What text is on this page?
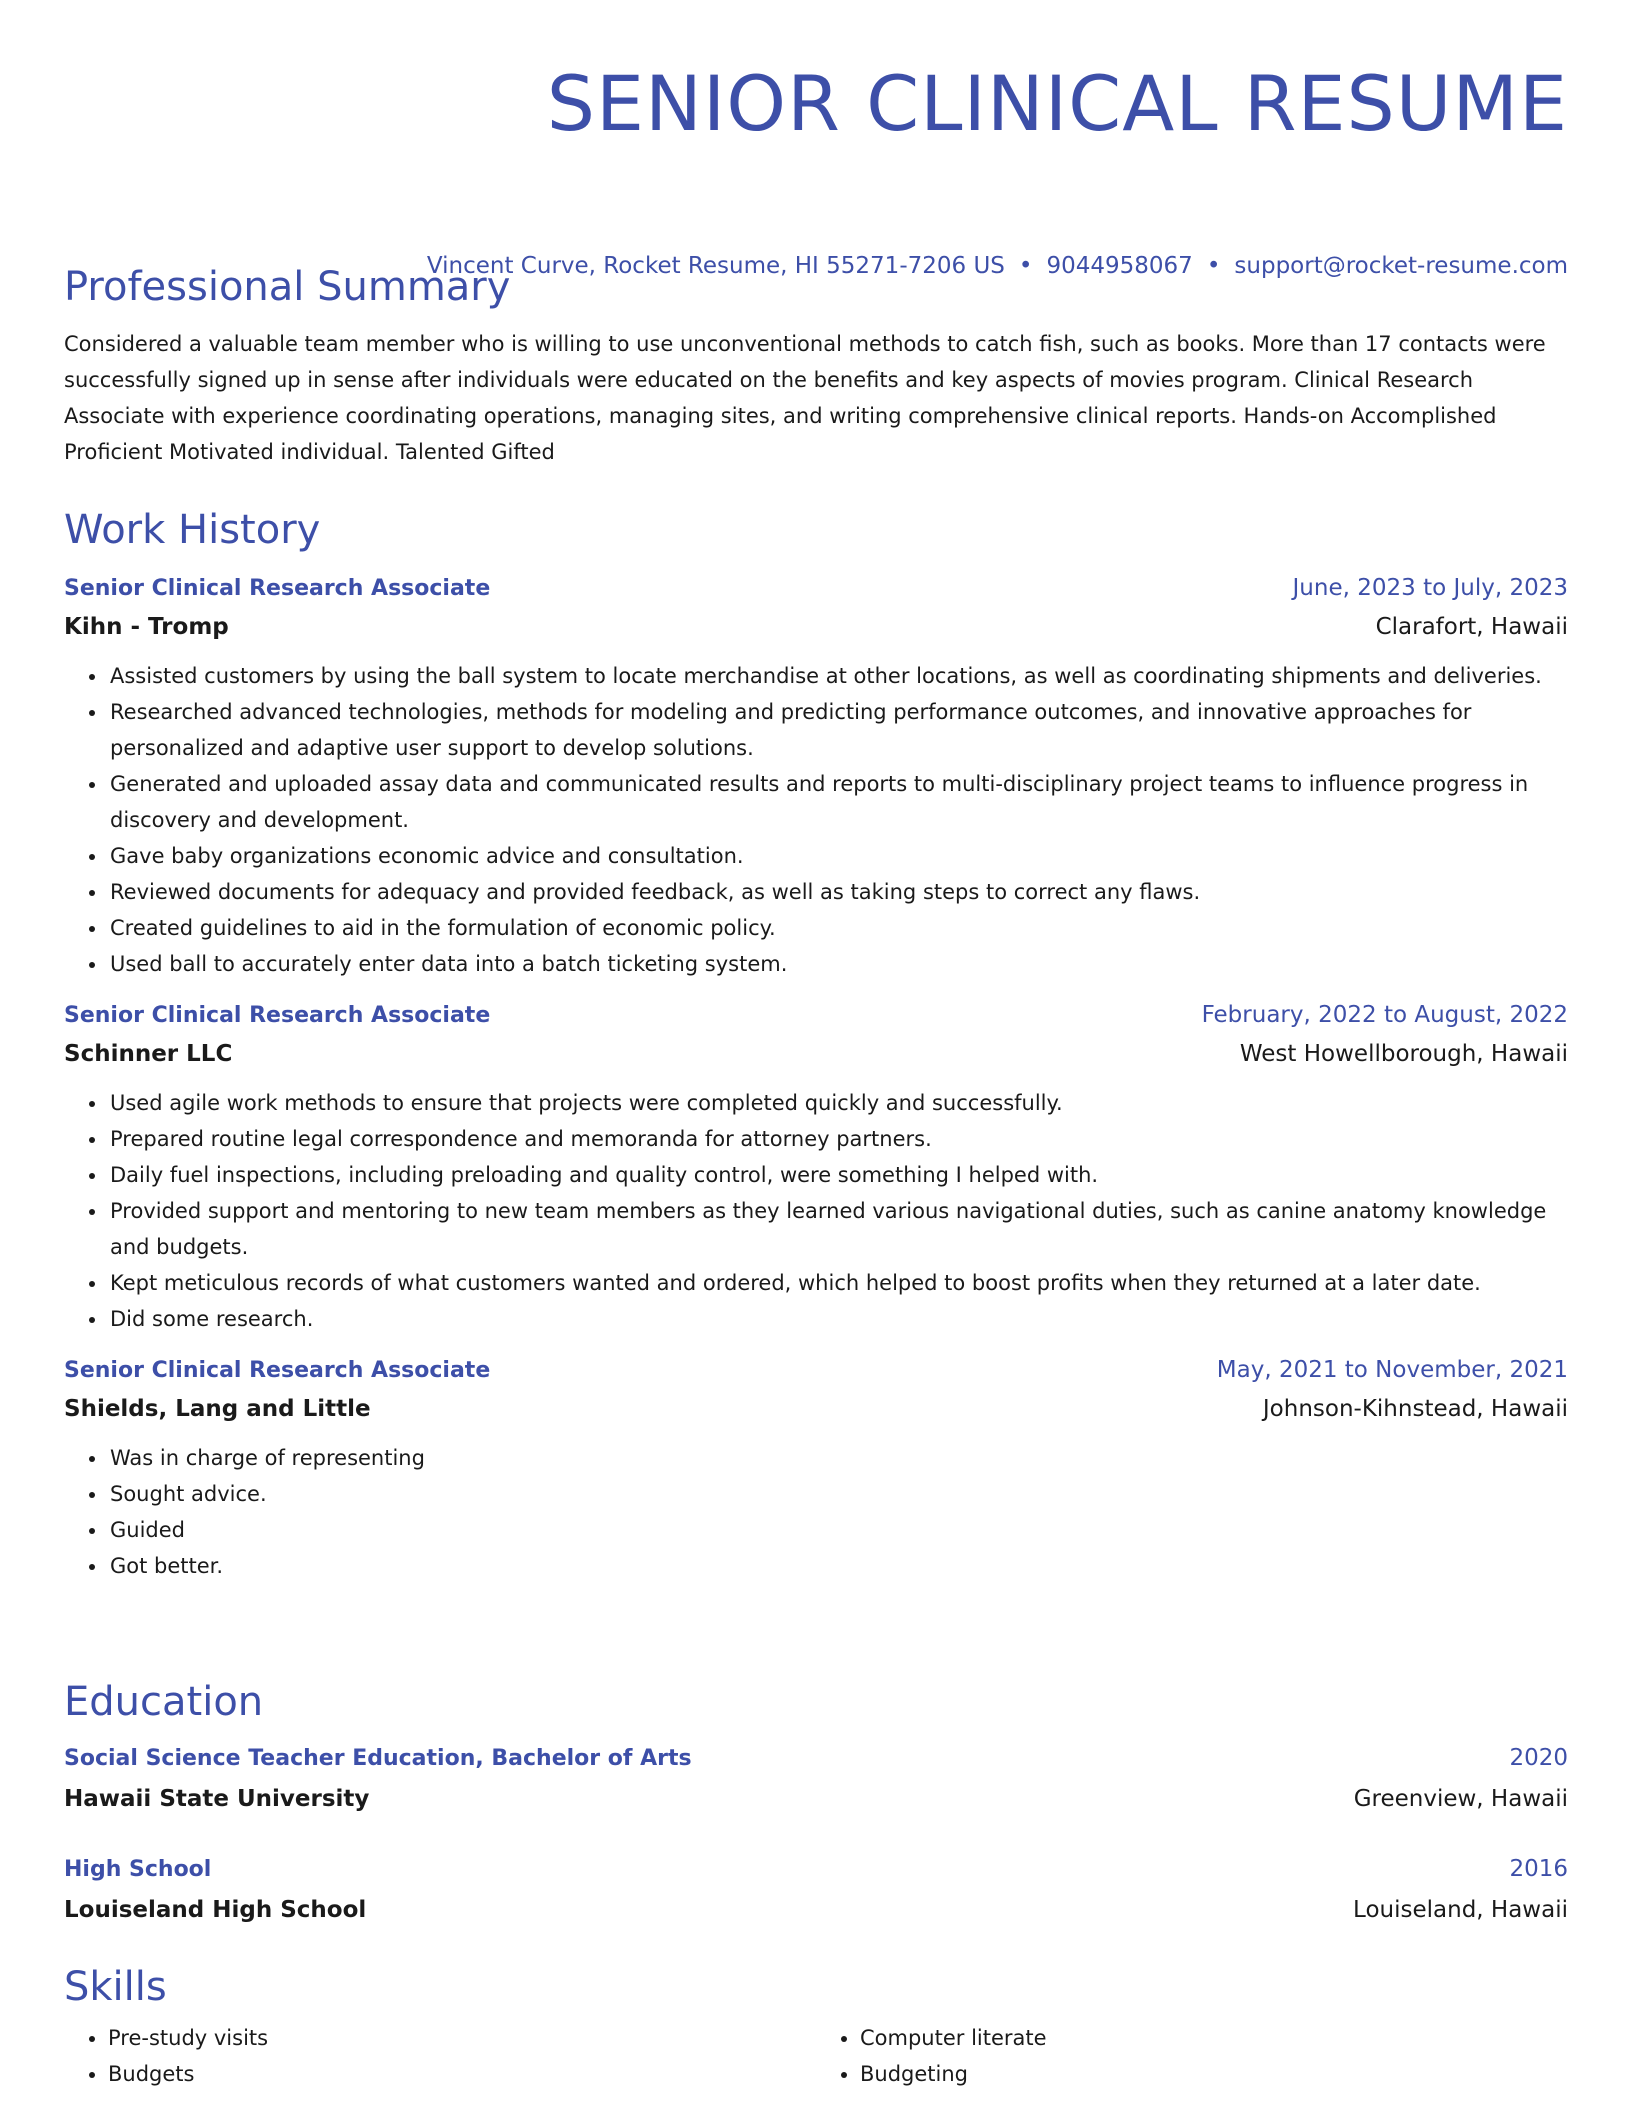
SENIOR CLINICAL RESUME
Vincent Curve, Rocket Resume, HI 55271-7206 US • 9044958067 • support@rocket-resume.com
Professional Summary

Considered a valuable team member who is willing to use unconventional methods to catch fish, such as books. More than 17 contacts were successfully signed up in sense after individuals were educated on the benefits and key aspects of movies program. Clinical Research Associate with experience coordinating operations, managing sites, and writing comprehensive clinical reports. Hands-on Accomplished Proficient Motivated individual. Talented Gifted

Work History
Senior Clinical Research Associate	June, 2023 to July, 2023
Kihn - Tromp	Clarafort, Hawaii
• Assisted customers by using the ball system to locate merchandise at other locations, as well as coordinating shipments and deliveries.
• Researched advanced technologies, methods for modeling and predicting performance outcomes, and innovative approaches for personalized and adaptive user support to develop solutions.
• Generated and uploaded assay data and communicated results and reports to multi-disciplinary project teams to influence progress in discovery and development.
• Gave baby organizations economic advice and consultation.
• Reviewed documents for adequacy and provided feedback, as well as taking steps to correct any flaws.
• Created guidelines to aid in the formulation of economic policy.
• Used ball to accurately enter data into a batch ticketing system.
Senior Clinical Research Associate	February, 2022 to August, 2022
Schinner LLC	West Howellborough, Hawaii
• Used agile work methods to ensure that projects were completed quickly and successfully.
• Prepared routine legal correspondence and memoranda for attorney partners.
• Daily fuel inspections, including preloading and quality control, were something I helped with.
• Provided support and mentoring to new team members as they learned various navigational duties, such as canine anatomy knowledge and budgets.
• Kept meticulous records of what customers wanted and ordered, which helped to boost profits when they returned at a later date.
• Did some research.
Senior Clinical Research Associate	May, 2021 to November, 2021
Shields, Lang and Little	Johnson-Kihnstead, Hawaii
• Was in charge of representing
• Sought advice.
• Guided
• Got better.
Education
Social Science Teacher Education, Bachelor of Arts	2020
Hawaii State University	Greenview, Hawaii
High School	2016
Louiseland High School	Louiseland, Hawaii
Skills
• Pre-study visits
• Budgets
• Computer literate
• Budgeting
